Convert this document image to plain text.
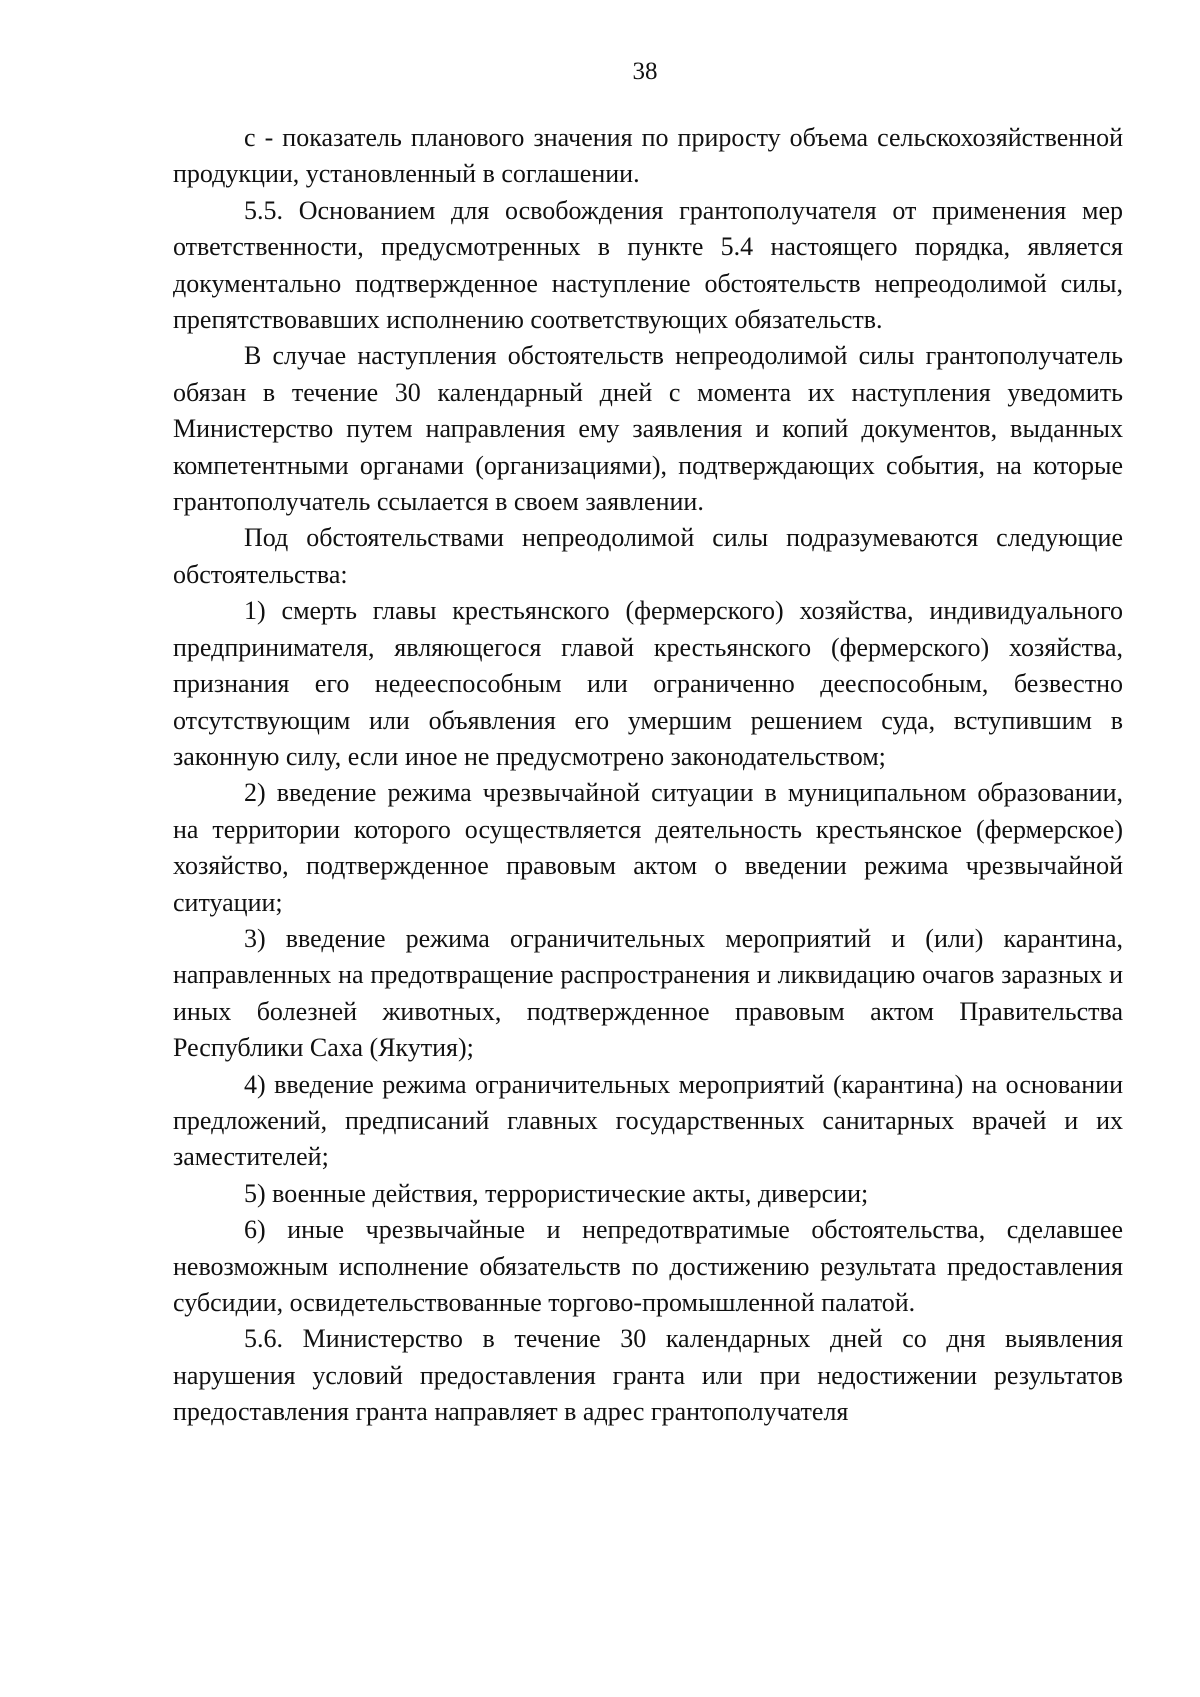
38

с - показатель планового значения по приросту объема сельскохозяйственной продукции, установленный в соглашении.

5.5. Основанием для освобождения грантополучателя от применения мер ответственности, предусмотренных в пункте 5.4 настоящего порядка, является документально подтвержденное наступление обстоятельств непреодолимой силы, препятствовавших исполнению соответствующих обязательств.

В случае наступления обстоятельств непреодолимой силы грантополучатель обязан в течение 30 календарный дней с момента их наступления уведомить Министерство путем направления ему заявления и копий документов, выданных компетентными органами (организациями), подтверждающих события, на которые грантополучатель ссылается в своем заявлении.

Под обстоятельствами непреодолимой силы подразумеваются следующие обстоятельства:

1) смерть главы крестьянского (фермерского) хозяйства, индивидуального предпринимателя, являющегося главой крестьянского (фермерского) хозяйства, признания его недееспособным или ограниченно дееспособным, безвестно отсутствующим или объявления его умершим решением суда, вступившим в законную силу, если иное не предусмотрено законодательством;

2) введение режима чрезвычайной ситуации в муниципальном образовании, на территории которого осуществляется деятельность крестьянское (фермерское) хозяйство, подтвержденное правовым актом о введении режима чрезвычайной ситуации;

3) введение режима ограничительных мероприятий и (или) карантина, направленных на предотвращение распространения и ликвидацию очагов заразных и иных болезней животных, подтвержденное правовым актом Правительства Республики Саха (Якутия);

4) введение режима ограничительных мероприятий (карантина) на основании предложений, предписаний главных государственных санитарных врачей и их заместителей;

5) военные действия, террористические акты, диверсии;

6) иные чрезвычайные и непредотвратимые обстоятельства, сделавшее невозможным исполнение обязательств по достижению результата предоставления субсидии, освидетельствованные торгово-промышленной палатой.

5.6. Министерство в течение 30 календарных дней со дня выявления нарушения условий предоставления гранта или при недостижении результатов предоставления гранта направляет в адрес грантополучателя
